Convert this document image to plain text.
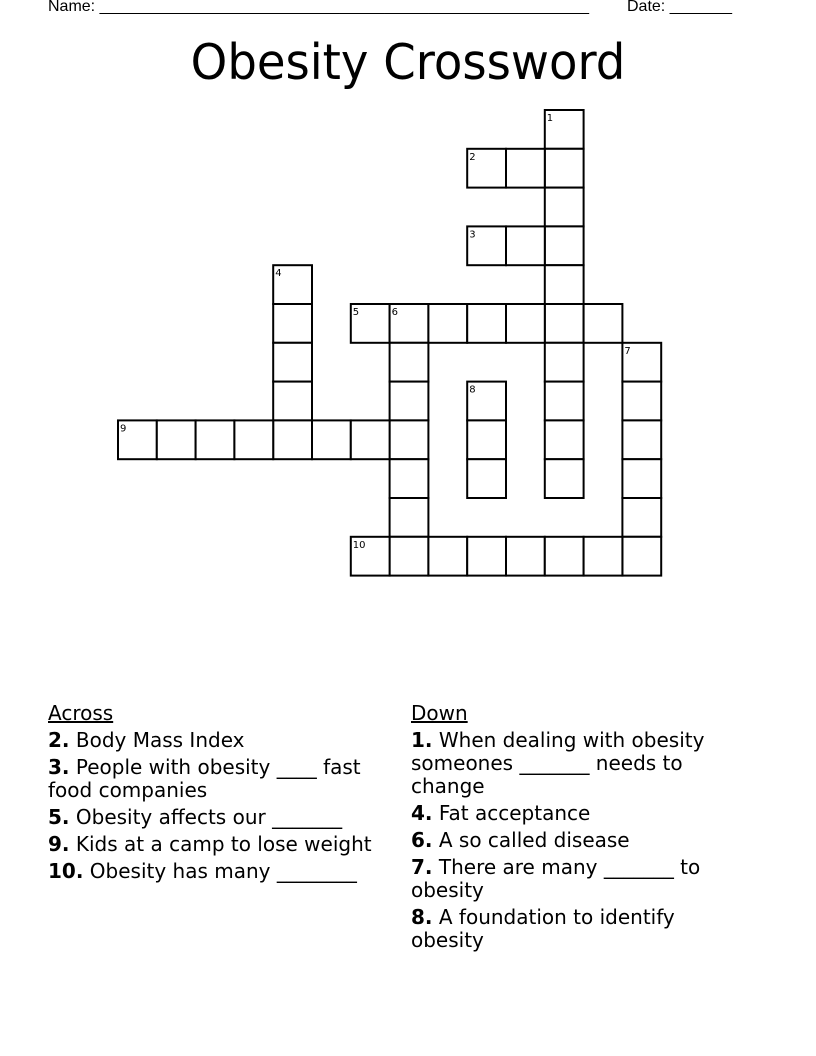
Name: _______________________________________________________ Date: _______
Obesity Crossword
1
2
3
4
5	6
7
8
9
10
Across
2. Body Mass Index
3. People with obesity ____ fast food companies
5. Obesity affects our _______
9. Kids at a camp to lose weight
10. Obesity has many ________
Down
1. When dealing with obesity someones _______ needs to change
4. Fat acceptance
6. A so called disease
7. There are many _______ to obesity
8. A foundation to identify obesity
